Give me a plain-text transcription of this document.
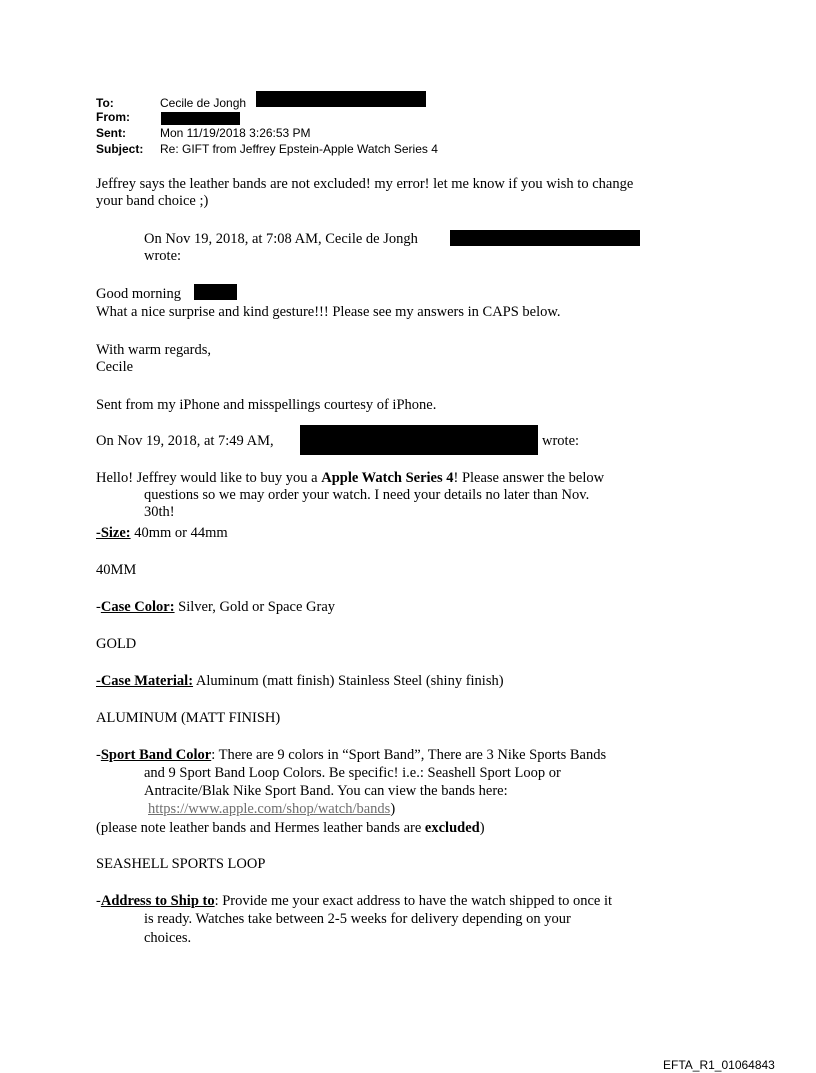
To:	Cecile de Jongh
From:
Sent:	Mon 11/19/2018 3:26:53 PM
Subject: Re: GIFT from Jeffrey Epstein-Apple Watch Series 4
Jeffrey says the leather bands are not excluded! my error! let me know if you wish to change
your band choice ;)
On Nov 19, 2018, at 7:08 AM, Cecile de Jongh
wrote:
Good morning
What a nice surprise and kind gesture!!! Please see my answers in CAPS below.
With warm regards,
Cecile
Sent from my iPhone and misspellings courtesy of iPhone.
On Nov 19, 2018, at 7:49 AM,	wrote:
Hello! Jeffrey would like to buy you a Apple Watch Series 4! Please answer the below
questions so we may order your watch. I need your details no later than Nov.
30th!
-Size: 40mm or 44mm
40MM
-Case Color: Silver, Gold or Space Gray
GOLD
-Case Material: Aluminum (matt finish) Stainless Steel (shiny finish)
ALUMINUM (MATT FINISH)
-Sport Band Color: There are 9 colors in “Sport Band”, There are 3 Nike Sports Bands
and 9 Sport Band Loop Colors. Be specific! i.e.: Seashell Sport Loop or
Antracite/Blak Nike Sport Band. You can view the bands here:
https://www.apple.com/shop/watch/bands)
(please note leather bands and Hermes leather bands are excluded)
SEASHELL SPORTS LOOP
-Address to Ship to: Provide me your exact address to have the watch shipped to once it
is ready. Watches take between 2-5 weeks for delivery depending on your
choices.
EFTA_R1_01064843
